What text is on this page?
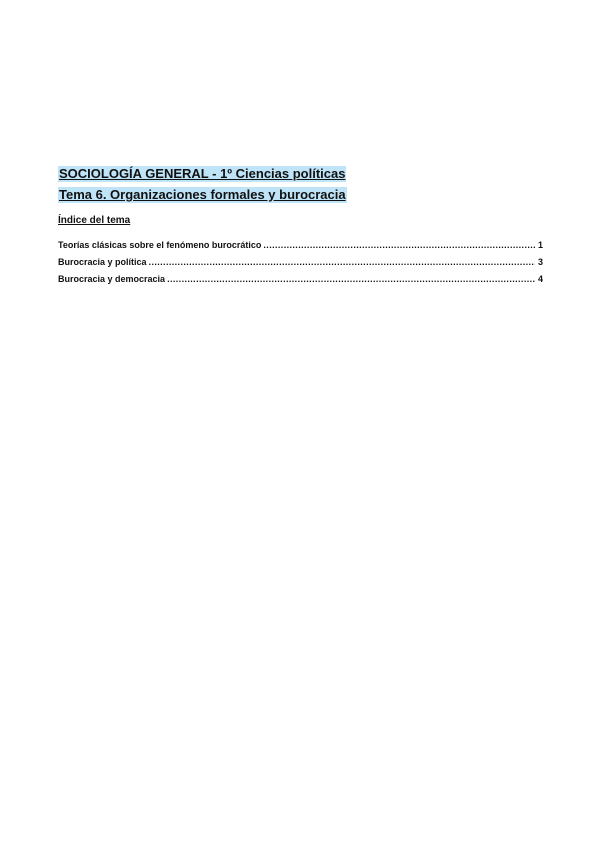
SOCIOLOGÍA GENERAL - 1º Ciencias políticas
Tema 6. Organizaciones formales y burocracia
Índice del tema
Teorías clásicas sobre el fenómeno burocrático .....	1
Burocracia y política .....	3
Burocracia y democracia .....	4
